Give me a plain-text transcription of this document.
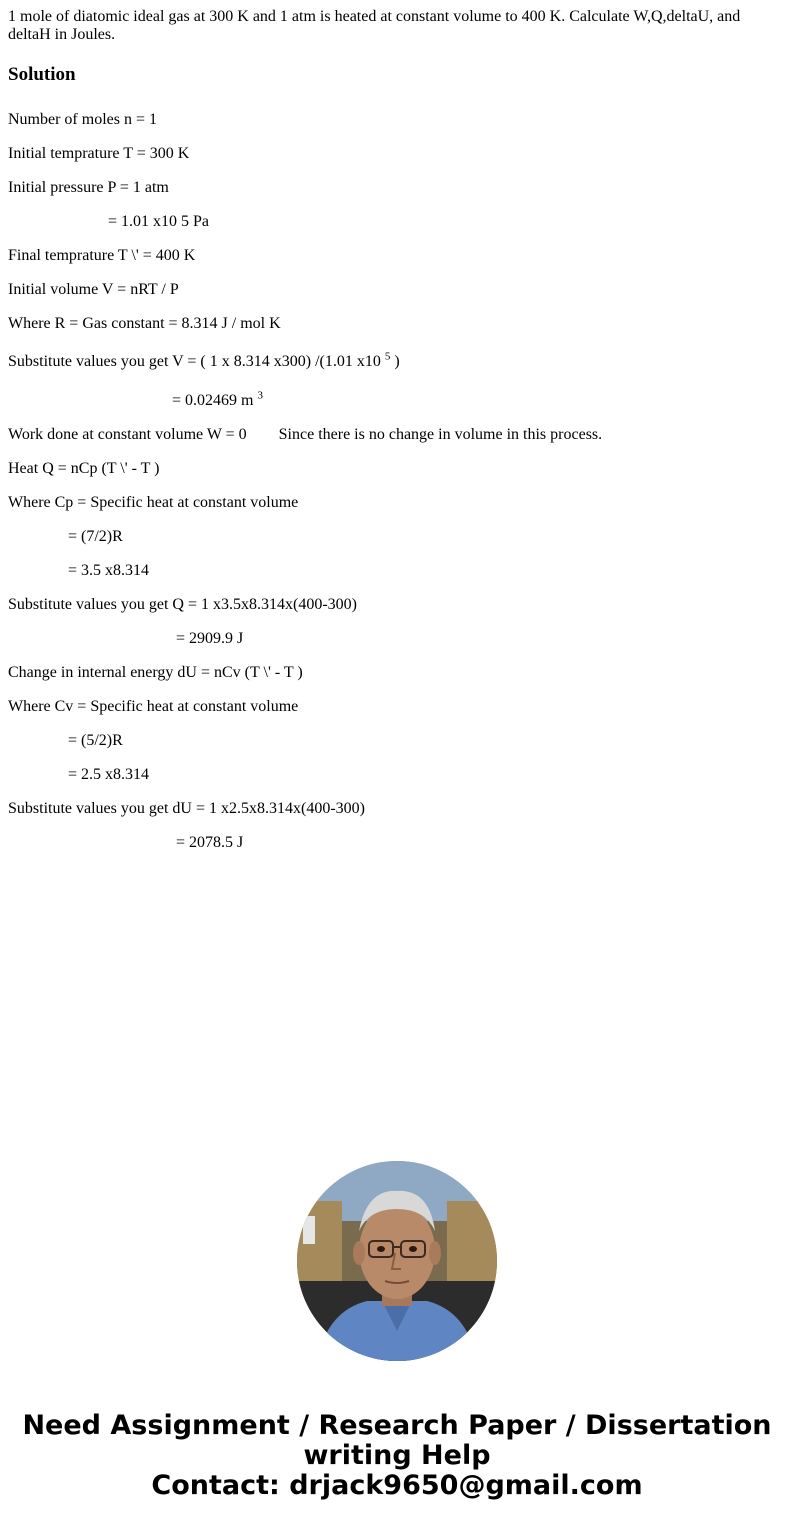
1 mole of diatomic ideal gas at 300 K and 1 atm is heated at constant volume to 400 K. Calculate W,Q,deltaU, and deltaH in Joules.
Solution
Number of moles n = 1
Initial temprature T = 300 K
Initial pressure P = 1 atm
= 1.01 x10 5 Pa
Final temprature T \' = 400 K
Initial volume V = nRT / P
Where R = Gas constant = 8.314 J / mol K
Substitute values you get V = ( 1 x 8.314 x300) /(1.01 x10 $^5$ )
= 0.02469 m $^3$
Work done at constant volume W = 0        Since there is no change in volume in this process.
Heat Q = nCp (T \' - T )
Where Cp = Specific heat at constant volume
= (7/2)R
= 3.5 x8.314
Substitute values you get Q = 1 x3.5x8.314x(400-300)
= 2909.9 J
Change in internal energy dU = nCv (T \' - T )
Where Cv = Specific heat at constant volume
= (5/2)R
= 2.5 x8.314
Substitute values you get dU = 1 x2.5x8.314x(400-300)
= 2078.5 J
Need Assignment / Research Paper / Dissertation
writing Help
Contact: drjack9650@gmail.com
